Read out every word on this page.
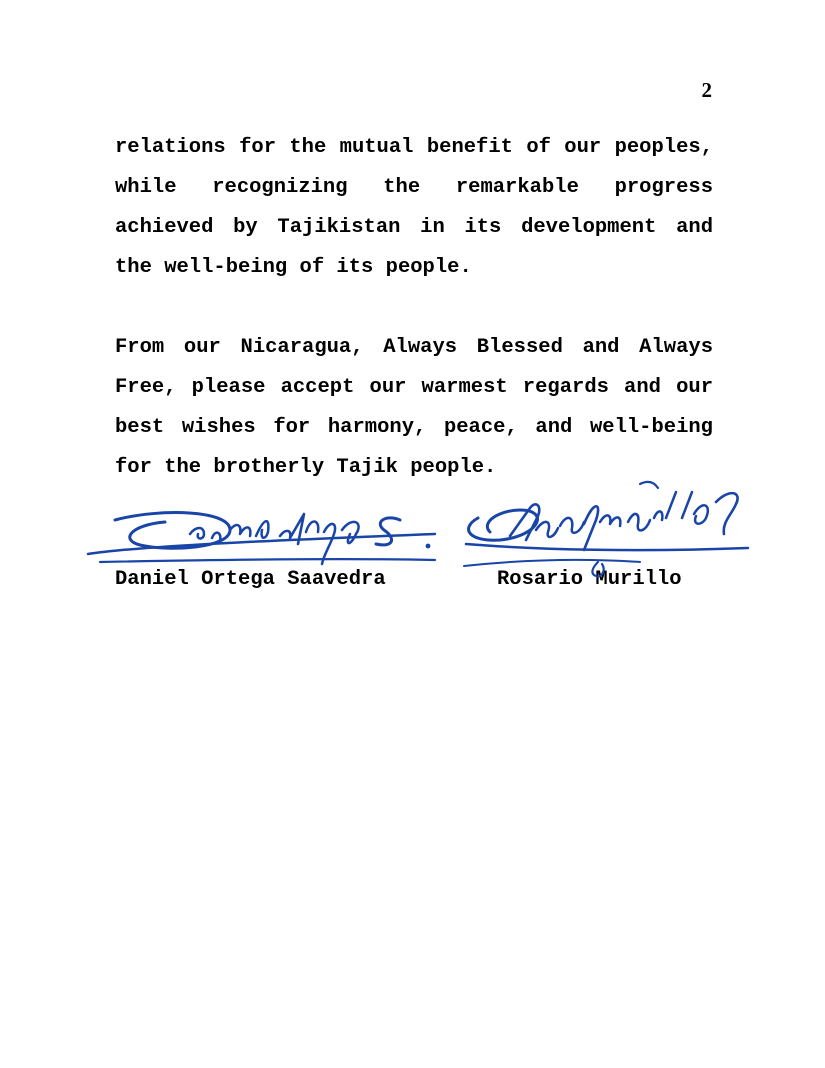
2

relations for the mutual benefit of our peoples, while recognizing the remarkable progress achieved by Tajikistan in its development and the well-being of its people.

From our Nicaragua, Always Blessed and Always Free, please accept our warmest regards and our best wishes for harmony, peace, and well-being for the brotherly Tajik people.

Daniel Ortega Saavedra	Rosario Murillo
